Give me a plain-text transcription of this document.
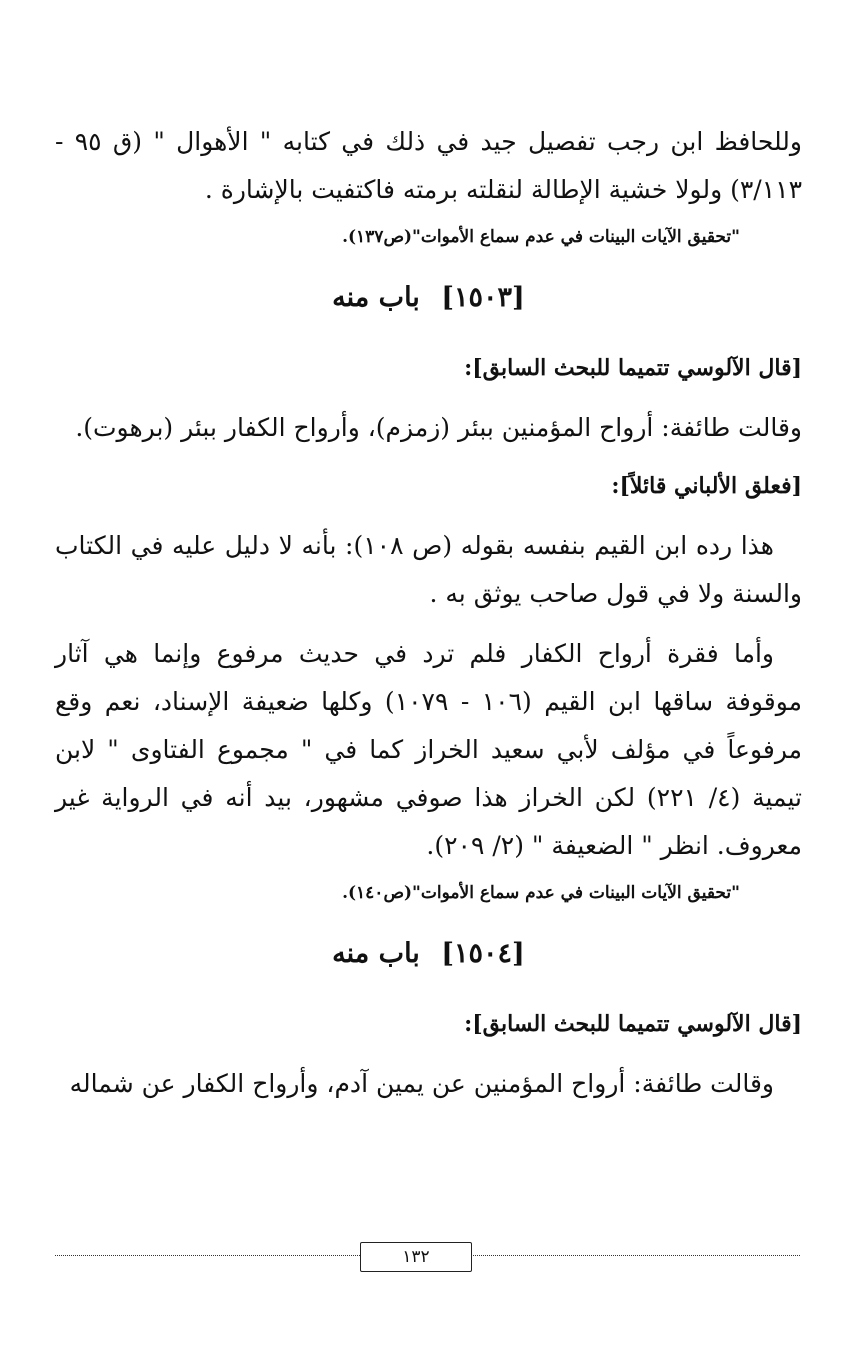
وللحافظ ابن رجب تفصيل جيد في ذلك في كتابه " الأهوال " (ق ٩٥ - ٣/١١٣) ولولا خشية الإطالة لنقلته برمته فاكتفيت بالإشارة .

"تحقيق الآيات البينات في عدم سماع الأموات"(ص١٣٧).
[١٥٠٣] باب منه
[قال الآلوسي تتميما للبحث السابق]:

وقالت طائفة: أرواح المؤمنين ببئر (زمزم)، وأرواح الكفار ببئر (برهوت).

[فعلق الألباني قائلاً]:

هذا رده ابن القيم بنفسه بقوله (ص ١٠٨): بأنه لا دليل عليه في الكتاب والسنة ولا في قول صاحب يوثق به .

وأما فقرة أرواح الكفار فلم ترد في حديث مرفوع وإنما هي آثار موقوفة ساقها ابن القيم (١٠٦ - ١٠٧٩) وكلها ضعيفة الإسناد، نعم وقع مرفوعاً في مؤلف لأبي سعيد الخراز كما في " مجموع الفتاوى " لابن تيمية (٤/ ٢٢١) لكن الخراز هذا صوفي مشهور، بيد أنه في الرواية غير معروف. انظر " الضعيفة " (٢/ ٢٠٩).

"تحقيق الآيات البينات في عدم سماع الأموات"(ص١٤٠).
[١٥٠٤] باب منه
[قال الآلوسي تتميما للبحث السابق]:

وقالت طائفة: أرواح المؤمنين عن يمين آدم، وأرواح الكفار عن شماله

١٣٢
